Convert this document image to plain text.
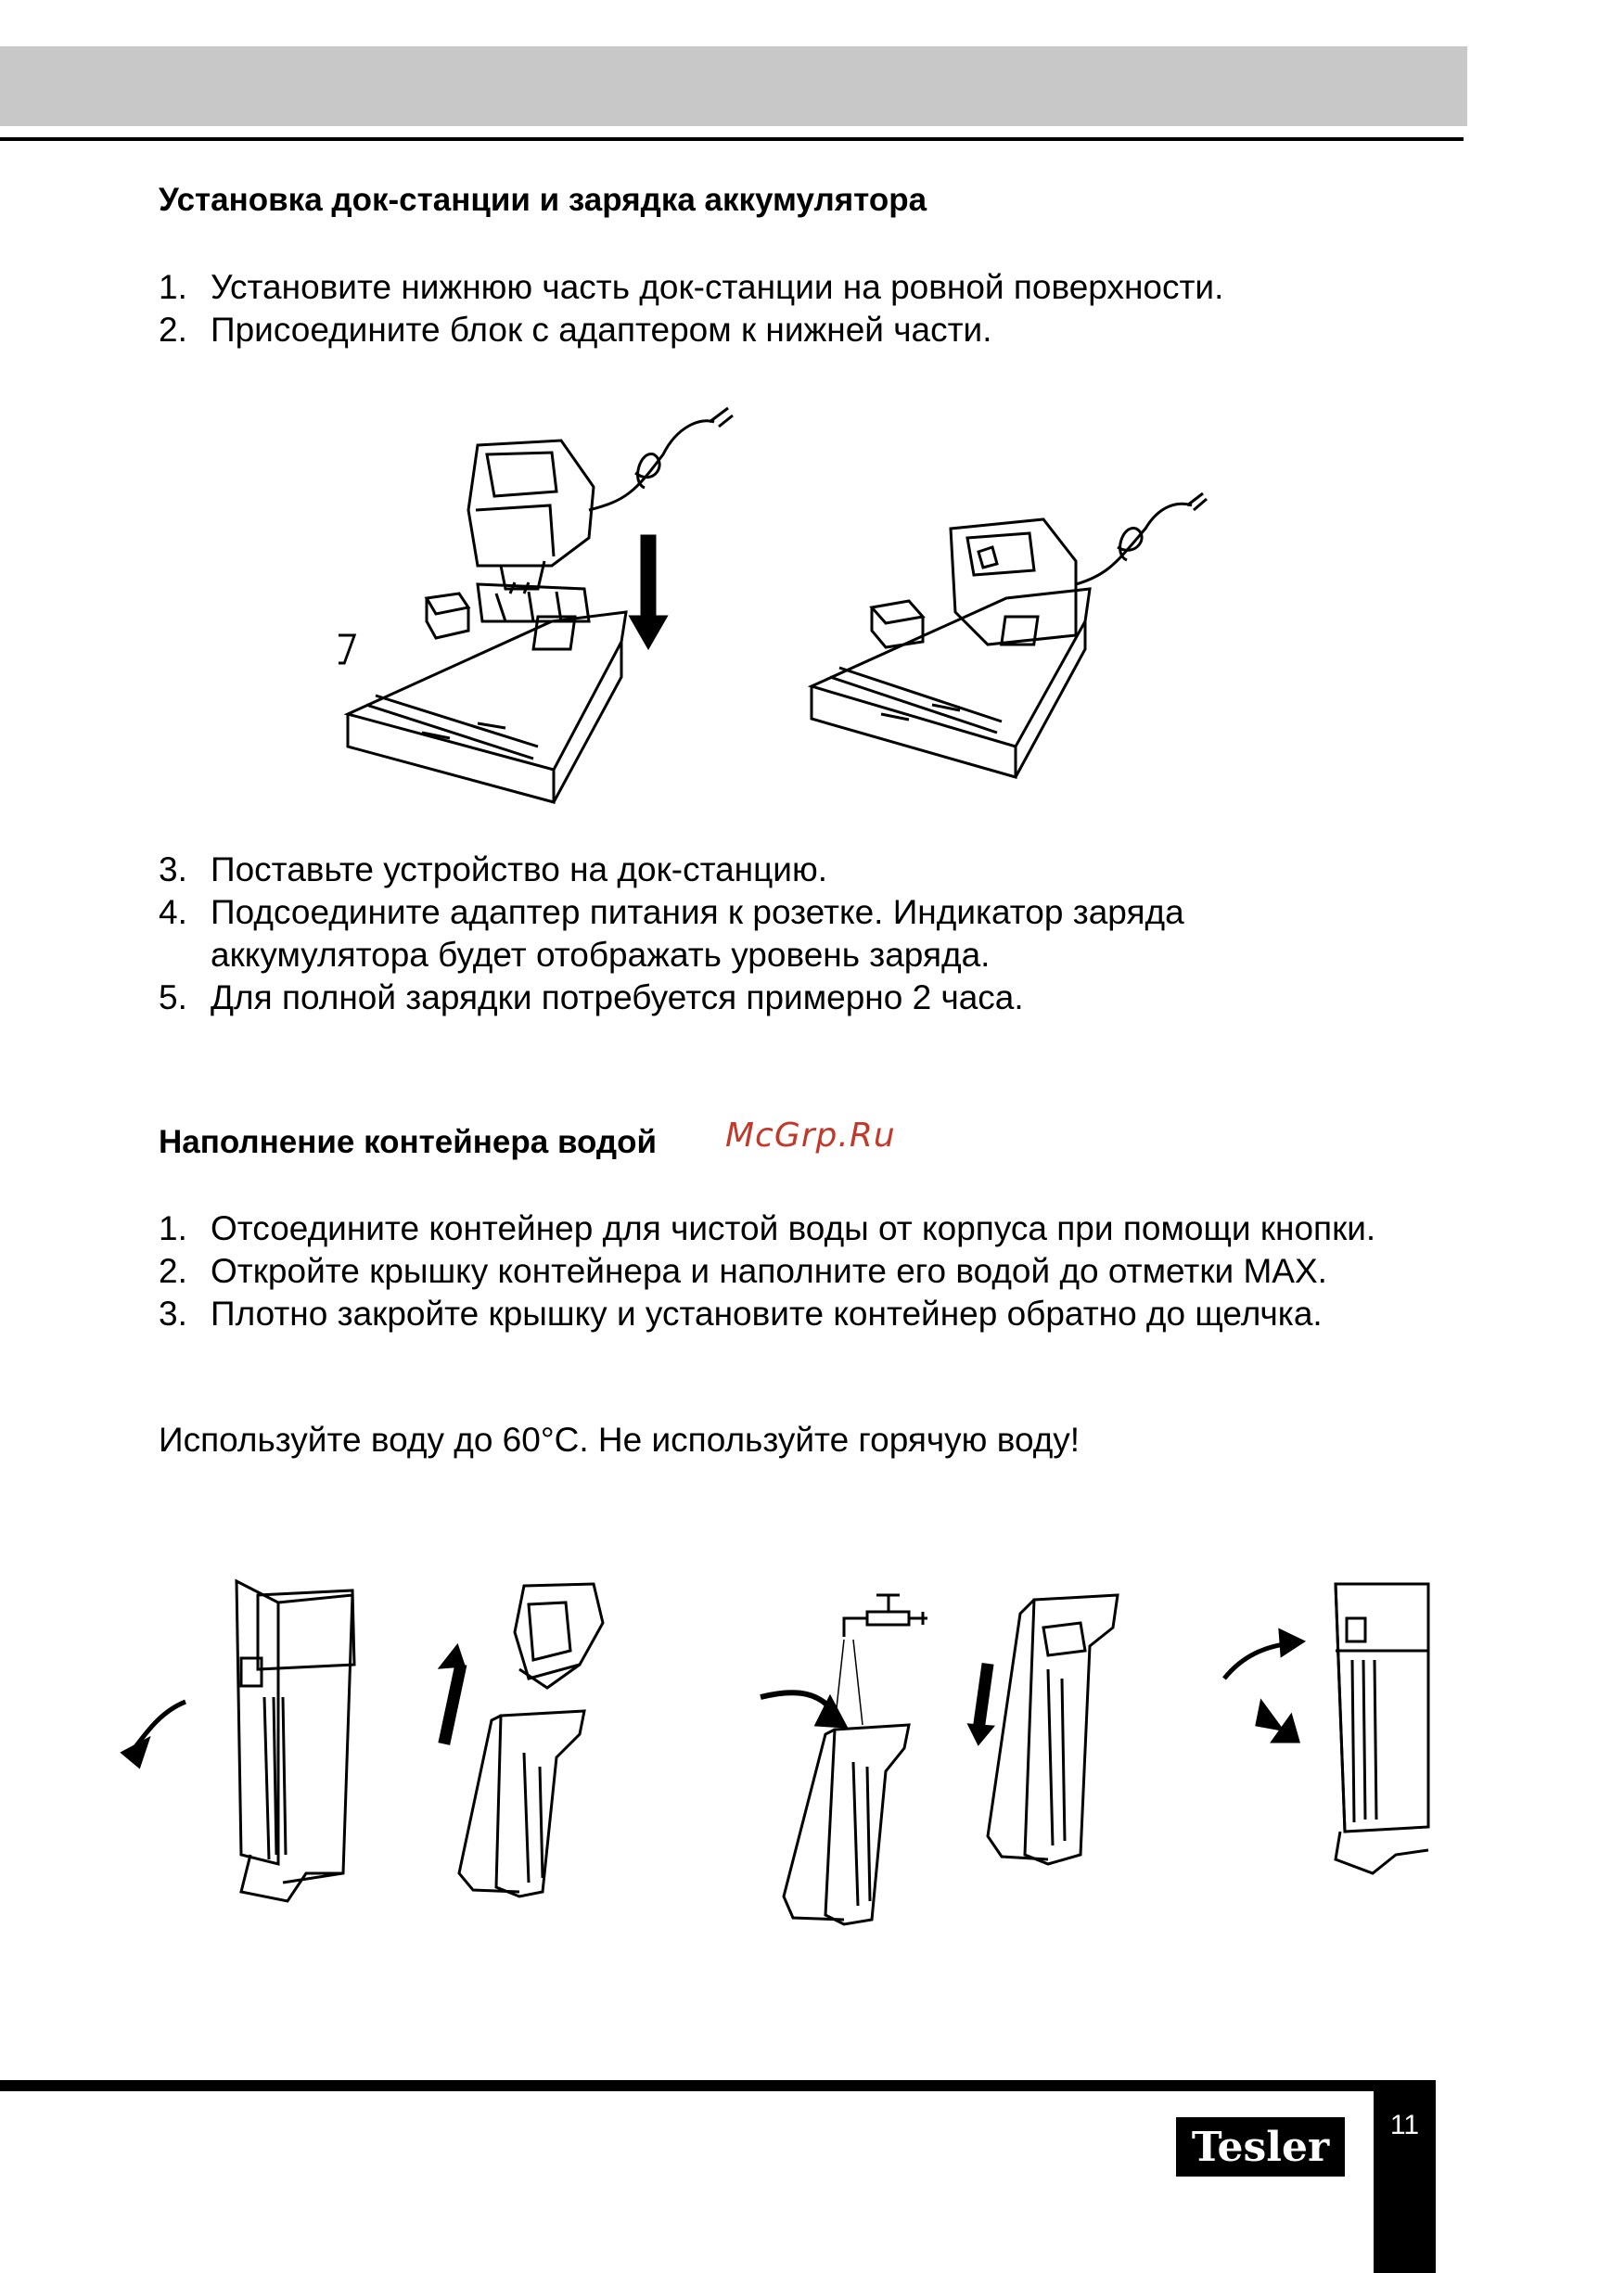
Установка док-станции и зарядка аккумулятора
1. Установите нижнюю часть док-станции на ровной поверхности.
2. Присоедините блок с адаптером к нижней части.
3. Поставьте устройство на док-станцию.
4. Подсоедините адаптер питания к розетке. Индикатор заряда аккумулятора будет отображать уровень заряда.
5. Для полной зарядки потребуется примерно 2 часа.
Наполнение контейнера водой McGrp.Ru
1. Отсоедините контейнер для чистой воды от корпуса при помощи кнопки.
2. Откройте крышку контейнера и наполните его водой до отметки MAX.
3. Плотно закройте крышку и установите контейнер обратно до щелчка.

Используйте воду до 60°C. Не используйте горячую воду!

11
Tesler
